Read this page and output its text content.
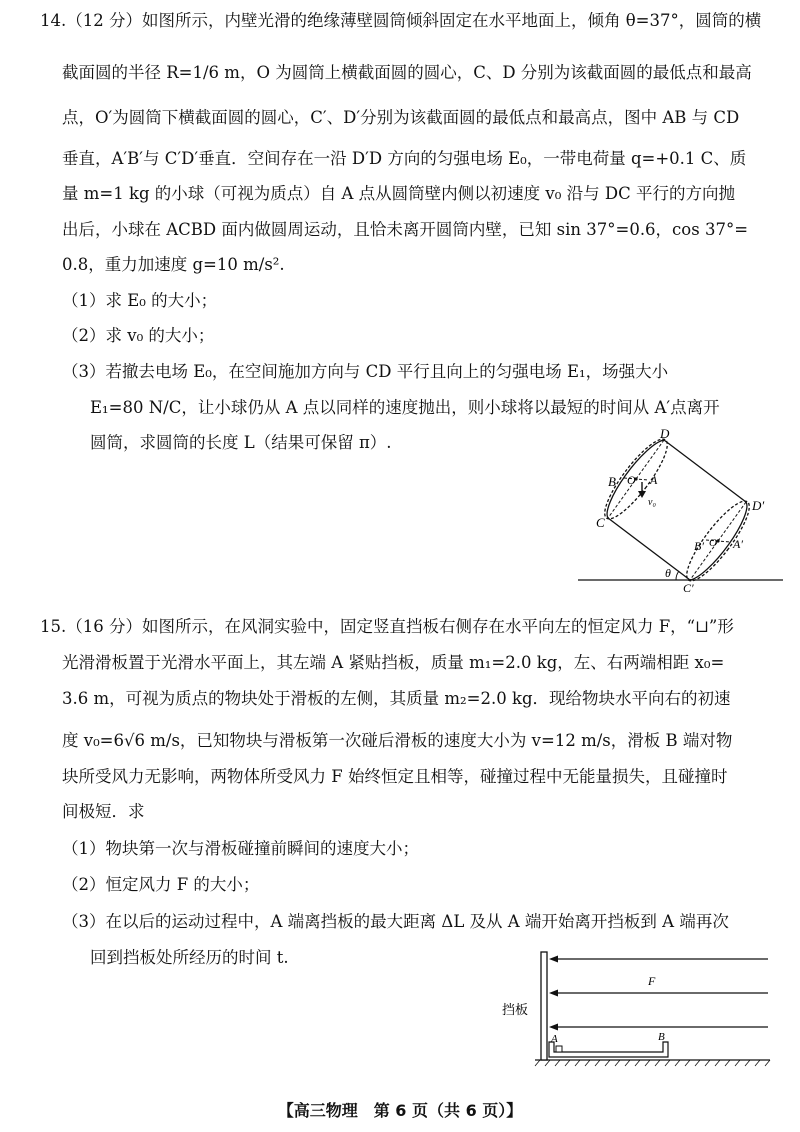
14.（12 分）如图所示，内壁光滑的绝缘薄壁圆筒倾斜固定在水平地面上，倾角 θ=37°，圆筒的横
截面圆的半径 R=1/6 m，O 为圆筒上横截面圆的圆心，C、D 分别为该截面圆的最低点和最高
点，O′为圆筒下横截面圆的圆心，C′、D′分别为该截面圆的最低点和最高点，图中 AB 与 CD
垂直，A′B′与 C′D′垂直．空间存在一沿 D′D 方向的匀强电场 E₀，一带电荷量 q=+0.1 C、质
量 m=1 kg 的小球（可视为质点）自 A 点从圆筒壁内侧以初速度 v₀ 沿与 DC 平行的方向抛
出后，小球在 ACBD 面内做圆周运动，且恰未离开圆筒内壁，已知 sin 37°=0.6，cos 37°=
0.8，重力加速度 g=10 m/s².
（1）求 E₀ 的大小；
（2）求 v₀ 的大小；
（3）若撤去电场 E₀，在空间施加方向与 CD 平行且向上的匀强电场 E₁，场强大小
E₁=80 N/C，让小球仍从 A 点以同样的速度抛出，则小球将以最短的时间从 A′点离开
圆筒，求圆筒的长度 L（结果可保留 π）.	D
B O A
v₀
C
D′
B′ O′ A′
C′
θ
15.（16 分）如图所示，在风洞实验中，固定竖直挡板右侧存在水平向左的恒定风力 F，“⊔”形
光滑滑板置于光滑水平面上，其左端 A 紧贴挡板，质量 m₁=2.0 kg，左、右两端相距 x₀=
3.6 m，可视为质点的物块处于滑板的左侧，其质量 m₂=2.0 kg．现给物块水平向右的初速
度 v₀=6√6 m/s，已知物块与滑板第一次碰后滑板的速度大小为 v=12 m/s，滑板 B 端对物
块所受风力无影响，两物体所受风力 F 始终恒定且相等，碰撞过程中无能量损失，且碰撞时
间极短．求
（1）物块第一次与滑板碰撞前瞬间的速度大小；
（2）恒定风力 F 的大小；
（3）在以后的运动过程中，A 端离挡板的最大距离 ΔL 及从 A 端开始离开挡板到 A 端再次
回到挡板处所经历的时间 t.
F
挡板
A	B
【高三物理　第 6 页（共 6 页）】
